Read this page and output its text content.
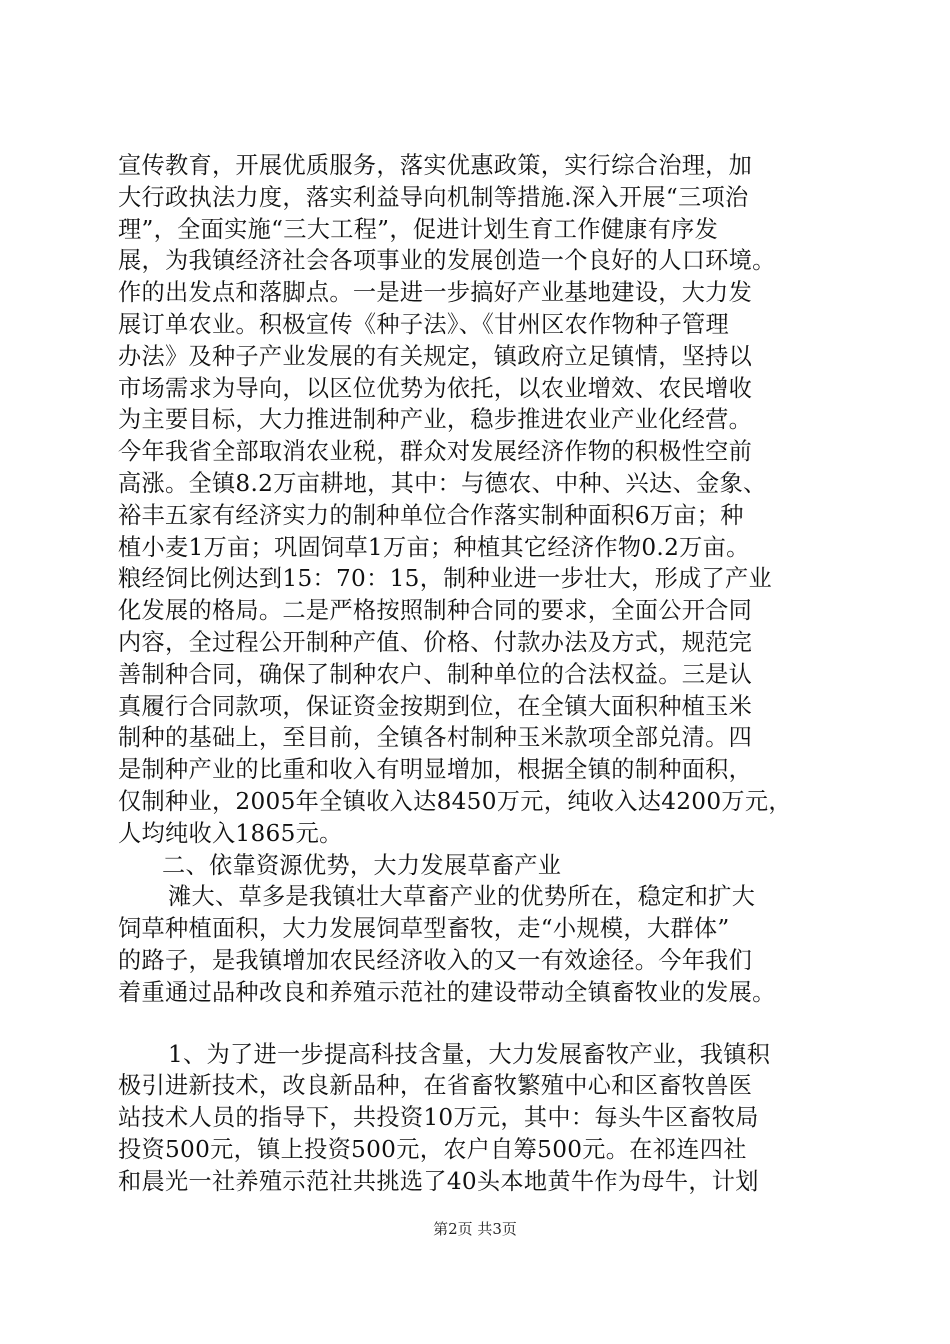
宣传教育，开展优质服务，落实优惠政策，实行综合治理，加
大行政执法力度，落实利益导向机制等措施.深入开展“三项治
理”，全面实施“三大工程”，促进计划生育工作健康有序发
展，为我镇经济社会各项事业的发展创造一个良好的人口环境。
作的出发点和落脚点。一是进一步搞好产业基地建设，大力发
展订单农业。积极宣传《种子法》、《甘州区农作物种子管理
办法》及种子产业发展的有关规定，镇政府立足镇情，坚持以
市场需求为导向，以区位优势为依托，以农业增效、农民增收
为主要目标，大力推进制种产业，稳步推进农业产业化经营。
今年我省全部取消农业税，群众对发展经济作物的积极性空前
高涨。全镇8.2万亩耕地，其中：与德农、中种、兴达、金象、
裕丰五家有经济实力的制种单位合作落实制种面积6万亩；种
植小麦1万亩；巩固饲草1万亩；种植其它经济作物0.2万亩。
粮经饲比例达到15：70：15，制种业进一步壮大，形成了产业
化发展的格局。二是严格按照制种合同的要求，全面公开合同
内容，全过程公开制种产值、价格、付款办法及方式，规范完
善制种合同，确保了制种农户、制种单位的合法权益。三是认
真履行合同款项，保证资金按期到位，在全镇大面积种植玉米
制种的基础上，至目前，全镇各村制种玉米款项全部兑清。四
是制种产业的比重和收入有明显增加，根据全镇的制种面积，
仅制种业，2005年全镇收入达8450万元，纯收入达4200万元，
人均纯收入1865元。
二、依靠资源优势，大力发展草畜产业
滩大、草多是我镇壮大草畜产业的优势所在，稳定和扩大
饲草种植面积，大力发展饲草型畜牧，走“小规模，大群体”
的路子，是我镇增加农民经济收入的又一有效途径。今年我们
着重通过品种改良和养殖示范社的建设带动全镇畜牧业的发展。
1、为了进一步提高科技含量，大力发展畜牧产业，我镇积
极引进新技术，改良新品种，在省畜牧繁殖中心和区畜牧兽医
站技术人员的指导下，共投资10万元，其中：每头牛区畜牧局
投资500元，镇上投资500元，农户自筹500元。在祁连四社
和晨光一社养殖示范社共挑选了40头本地黄牛作为母牛，计划
第2页 共3页
